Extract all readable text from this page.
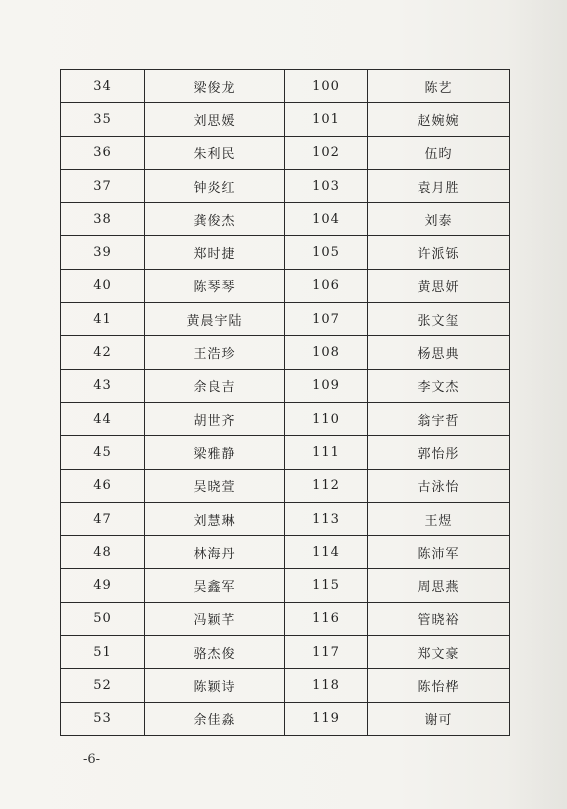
34	梁俊龙	100	陈艺
35	刘思媛	101	赵婉婉
36	朱利民	102	伍昀
37	钟炎红	103	袁月胜
38	龚俊杰	104	刘泰
39	郑时捷	105	许派铄
40	陈琴琴	106	黄思妍
41	黄晨宇陆	107	张文玺
42	王浩珍	108	杨思典
43	余良吉	109	李文杰
44	胡世齐	110	翁宇哲
45	梁雅静	111	郭怡彤
46	吴晓萱	112	古泳怡
47	刘慧琳	113	王煜
48	林海丹	114	陈沛军
49	吴鑫军	115	周思燕
50	冯颖芊	116	管晓裕
51	骆杰俊	117	郑文豪
52	陈颖诗	118	陈怡桦
53	余佳淼	119	谢可
-6-
